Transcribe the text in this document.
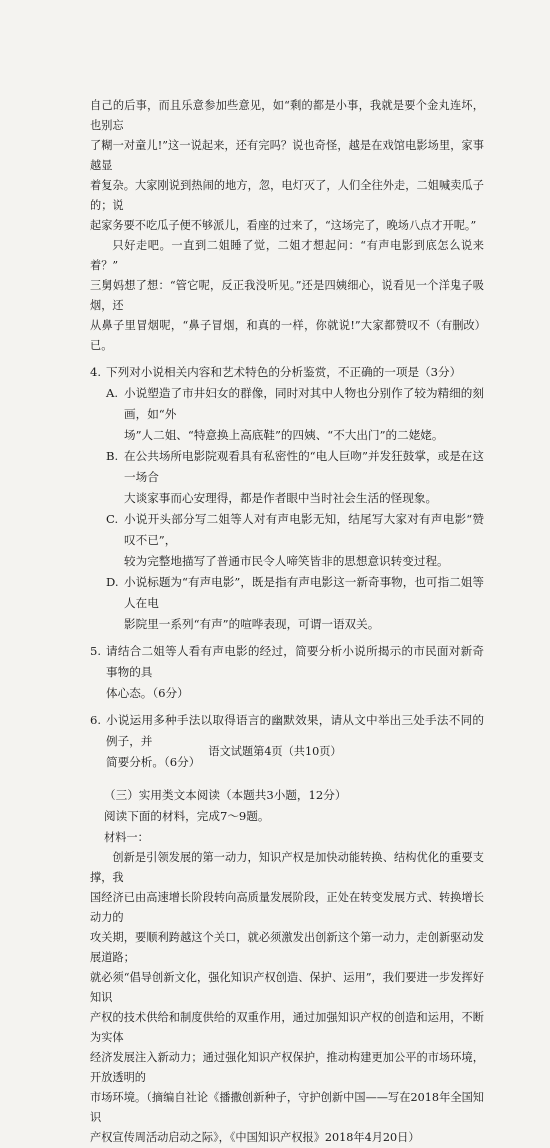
自己的后事，而且乐意参加些意见，如“剩的都是小事，我就是要个金丸连坏，也别忘

了糊一对童儿!”这一说起来，还有完吗？说也奇怪，越是在戏馆电影场里，家事越显

着复杂。大家刚说到热闹的地方，忽，电灯灭了，人们全往外走，二姐喊卖瓜子的；说

起家务要不吃瓜子便不够派儿，看座的过来了，“这场完了，晚场八点才开呢。”

只好走吧。一直到二姐睡了觉，二姐才想起问：“有声电影到底怎么说来着？”

三舅妈想了想：“管它呢，反正我没听见。”还是四姨细心，说看见一个洋鬼子吸烟，还

从鼻子里冒烟呢，“鼻子冒烟，和真的一样，你就说!”大家都赞叹不已。
（有删改）

4. 下列对小说相关内容和艺术特色的分析鉴赏，不正确的一项是（3分）

A. 小说塑造了市井妇女的群像，同时对其中人物也分别作了较为精细的刻画，如“外
场”人二姐、“特意换上高底鞋”的四姨、“不大出门”的二姥姥。

B. 在公共场所电影院观看具有私密性的“电人巨吻”并发狂鼓掌，或是在这一场合
大谈家事而心安理得，都是作者眼中当时社会生活的怪现象。

C. 小说开头部分写二姐等人对有声电影无知，结尾写大家对有声电影“赞叹不已”，
较为完整地描写了普通市民令人啼笑皆非的思想意识转变过程。

D. 小说标题为“有声电影”，既是指有声电影这一新奇事物，也可指二姐等人在电
影院里一系列“有声”的喧哗表现，可谓一语双关。

5. 请结合二姐等人看有声电影的经过，简要分析小说所揭示的市民面对新奇事物的具
体心态。（6分）

6. 小说运用多种手法以取得语言的幽默效果，请从文中举出三处手法不同的例子，并
简要分析。（6分）

（三）实用类文本阅读（本题共3小题，12分）

阅读下面的材料，完成7～9题。

材料一：

创新是引领发展的第一动力，知识产权是加快动能转换、结构优化的重要支撑，我

国经济已由高速增长阶段转向高质量发展阶段，正处在转变发展方式、转换增长动力的

攻关期，要顺利跨越这个关口，就必须激发出创新这个第一动力，走创新驱动发展道路；

就必须“倡导创新文化，强化知识产权创造、保护、运用”，我们要进一步发挥好知识

产权的技术供给和制度供给的双重作用，通过加强知识产权的创造和运用，不断为实体

经济发展注入新动力；通过强化知识产权保护，推动构建更加公平的市场环境，开放透明的

市场环境。（摘编自社论《播撒创新种子，守护创新中国——写在2018年全国知识

产权宣传周活动启动之际》，《中国知识产权报》2018年4月20日）

语文试题第4页（共10页）
